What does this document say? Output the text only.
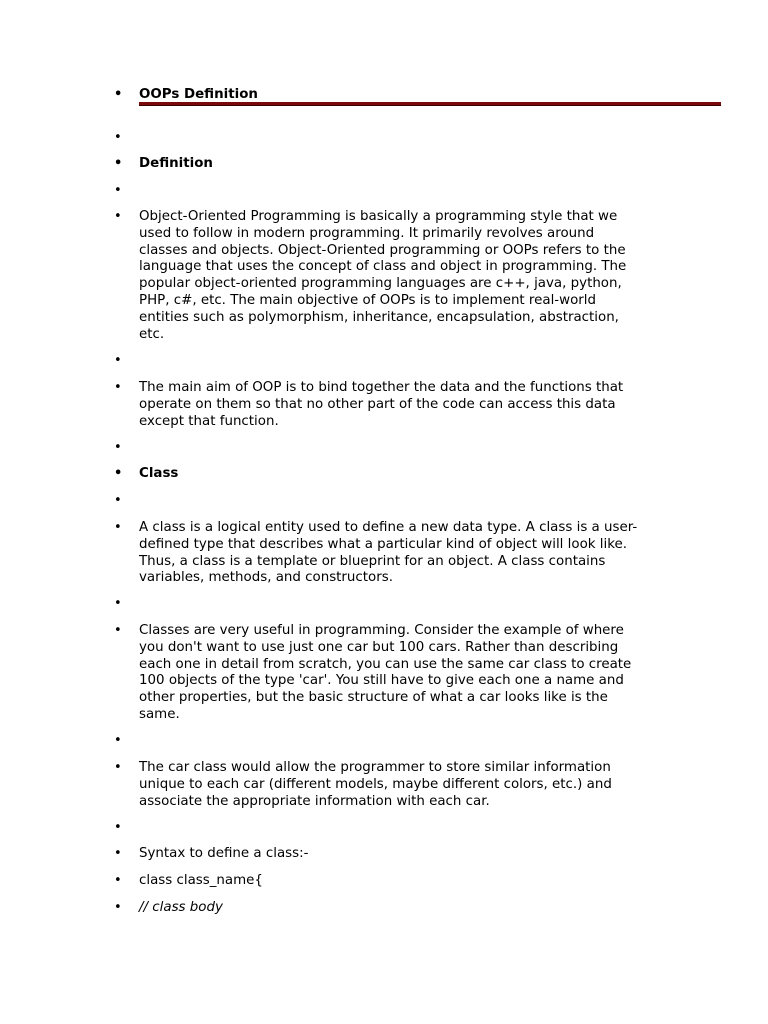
• OOPs Definition
• Definition
• Object-Oriented Programming is basically a programming style that we
used to follow in modern programming. It primarily revolves around
classes and objects. Object-Oriented programming or OOPs refers to the
language that uses the concept of class and object in programming. The
popular object-oriented programming languages are c++, java, python,
PHP, c#, etc. The main objective of OOPs is to implement real-world
entities such as polymorphism, inheritance, encapsulation, abstraction,
etc.
• The main aim of OOP is to bind together the data and the functions that
operate on them so that no other part of the code can access this data
except that function.
• Class
• A class is a logical entity used to define a new data type. A class is a user-
defined type that describes what a particular kind of object will look like.
Thus, a class is a template or blueprint for an object. A class contains
variables, methods, and constructors.
• Classes are very useful in programming. Consider the example of where
you don't want to use just one car but 100 cars. Rather than describing
each one in detail from scratch, you can use the same car class to create
100 objects of the type 'car'. You still have to give each one a name and
other properties, but the basic structure of what a car looks like is the
same.
• The car class would allow the programmer to store similar information
unique to each car (different models, maybe different colors, etc.) and
associate the appropriate information with each car.
• Syntax to define a class:-
• class class_name{
• // class body
